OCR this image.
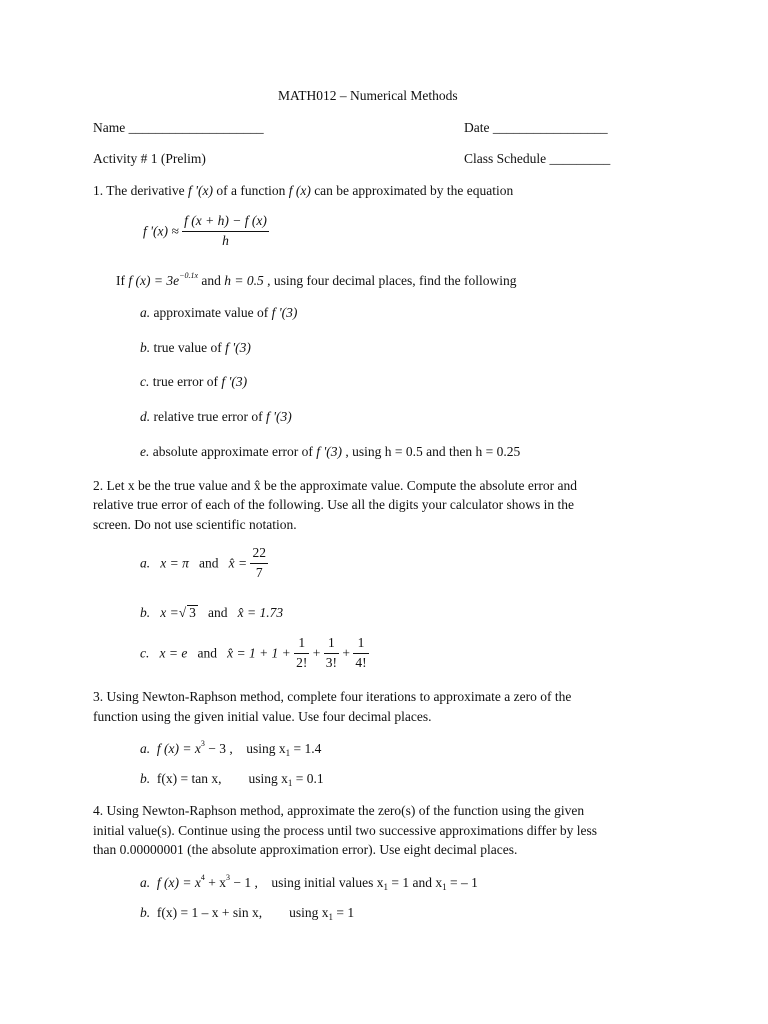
MATH012 – Numerical Methods
Name ____________________	Date _________________
Activity # 1 (Prelim)	Class Schedule _________
1. The derivative f '(x) of a function f (x) can be approximated by the equation
f '$(x) \approx \frac{f (x + h) - f (x)}{h}$
If f $(x) = 3e^{-0.1x}$ and h = 0.5 , using four decimal places, find the following
a. approximate value of f '(3)
b. true value of f '(3)
c. true error of f '(3)
d. relative true error of f '(3)
e. absolute approximate error of f '(3) , using h = 0.5 and then h = 0.25
2. Let x be the true value and x̂ be the approximate value. Compute the absolute error and
relative true error of each of the following. Use all the digits your calculator shows in the
screen. Do not use scientific notation.
a. x = π and x̂ = $\frac{22}{7}$
b. x =√ 3 and x̂ = 1.73
c. x = e and x̂ = $1 + 1 + \frac{1}{2!} + \frac{1}{3!} + \frac{1}{4!}$
3. Using Newton-Raphson method, complete four iterations to approximate a zero of the
function using the given initial value. Use four decimal places.
a. f $(x) = x^3 - 3$ , using $x_1 = 1.4$
b. f(x) = tan x, using $x_1 = 0.1$
4. Using Newton-Raphson method, approximate the zero(s) of the function using the given
initial value(s). Continue using the process until two successive approximations differ by less
than 0.00000001 (the absolute approximation error). Use eight decimal places.
a. f $(x) = x^4 + x^3 - 1$ , using initial values $x_1 = 1$ and $x_1$ = – 1
b. f(x) = 1 – x + sin x, using $x_1 = 1$
